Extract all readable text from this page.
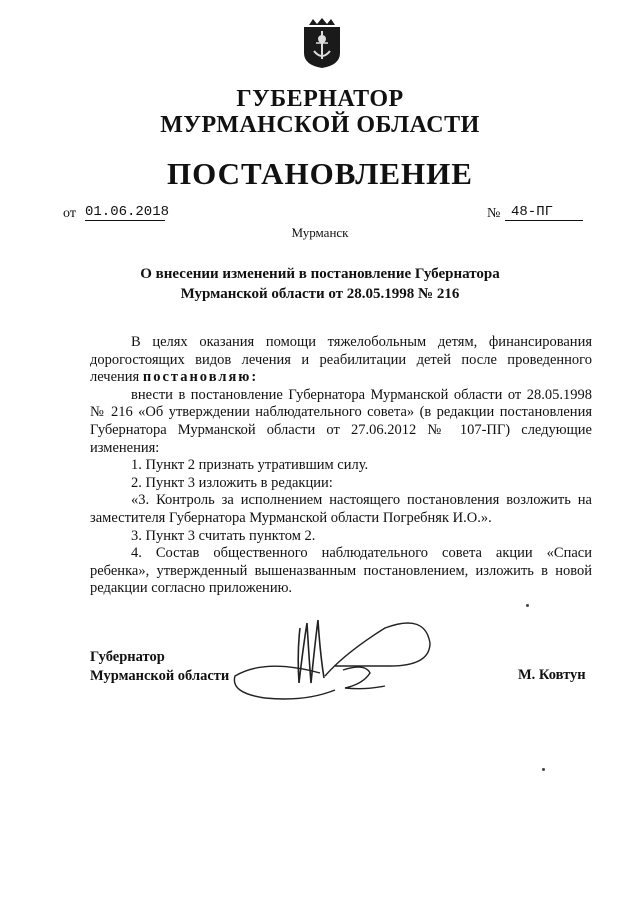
ГУБЕРНАТОР
МУРМАНСКОЙ ОБЛАСТИ
ПОСТАНОВЛЕНИЕ
от 01.06.2018	№ 48-ПГ
Мурманск
О внесении изменений в постановление Губернатора Мурманской области от 28.05.1998 № 216

В целях оказания помощи тяжелобольным детям, финансирования дорогостоящих видов лечения и реабилитации детей после проведенного лечения постановляю:

внести в постановление Губернатора Мурманской области от 28.05.1998 № 216 «Об утверждении наблюдательного совета» (в редакции постановления Губернатора Мурманской области от 27.06.2012 № 107-ПГ) следующие изменения:

1. Пункт 2 признать утратившим силу.

2. Пункт 3 изложить в редакции:

«3. Контроль за исполнением настоящего постановления возложить на заместителя Губернатора Мурманской области Погребняк И.О.».

3. Пункт 3 считать пунктом 2.

4. Состав общественного наблюдательного совета акции «Спаси ребенка», утвержденный вышеназванным постановлением, изложить в новой редакции согласно приложению.

Губернатор
Мурманской области	М. Ковтун
